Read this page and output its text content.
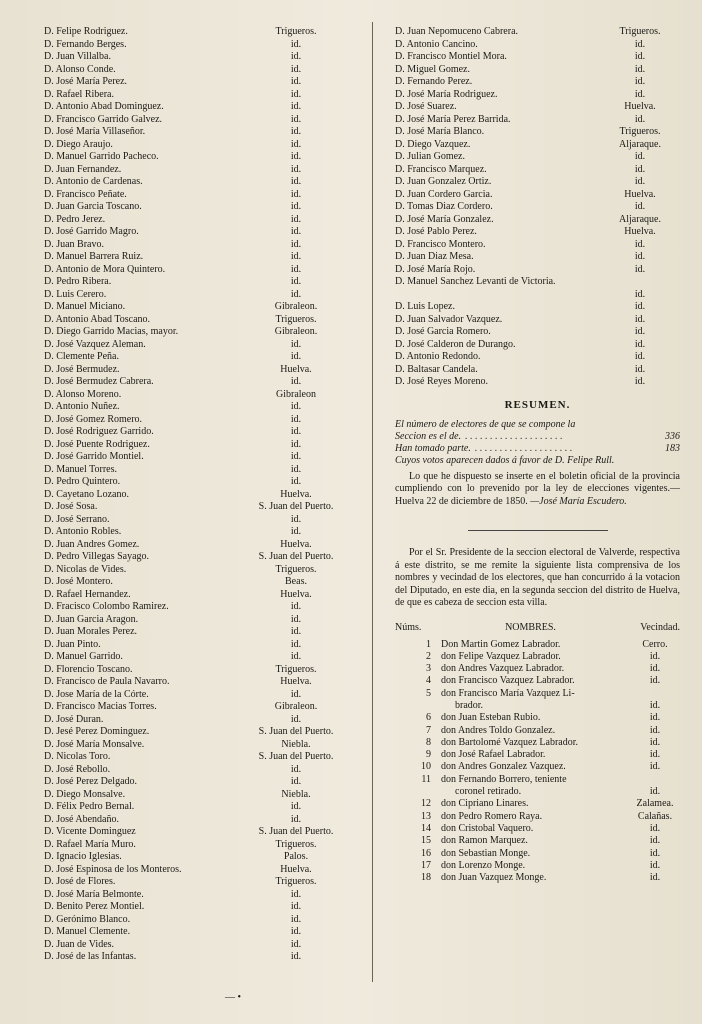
D. Felipe Rodriguez.	Trigueros.
D. Fernando Berges.	id.
D. Juan Villalba.	id.
D. Alonso Conde.	id.
D. José María Perez.	id.
D. Rafael Ribera.	id.
D. Antonio Abad Dominguez.	id.
D. Francisco Garrido Galvez.	id.
D. José María Villaseñor.	id.
D. Diego Araujo.	id.
D. Manuel Garrido Pacheco.	id.
D. Juan Fernandez.	id.
D. Antonio de Cardenas.	id.
D. Francisco Peñate.	id.
D. Juan Garcia Toscano.	id.
D. Pedro Jerez.	id.
D. José Garrido Magro.	id.
D. Juan Bravo.	id.
D. Manuel Barrera Ruiz.	id.
D. Antonio de Mora Quintero.	id.
D. Pedro Ribera.	id.
D. Luis Cerero.	id.
D. Manuel Miciano.	Gibraleon.
D. Antonio Abad Toscano.	Trigueros.
D. Diego Garrido Macias, mayor.	Gibraleon.
D. José Vazquez Aleman.	id.
D. Clemente Peña.	id.
D. José Bermudez.	Huelva.
D. José Bermudez Cabrera.	id.
D. Alonso Moreno.	Gibraleon
D. Antonio Nuñez.	id.
D. José Gomez Romero.	id.
D. José Rodriguez Garrido.	id.
D. José Puente Rodriguez.	id.
D. José Garrido Montiel.	id.
D. Manuel Torres.	id.
D. Pedro Quintero.	id.
D. Cayetano Lozano.	Huelva.
D. José Sosa.	S. Juan del Puerto.
D. José Serrano.	id.
D. Antonio Robles.	id.
D. Juan Andres Gomez.	Huelva.
D. Pedro Villegas Sayago.	S. Juan del Puerto.
D. Nicolas de Vides.	Trigueros.
D. José Montero.	Beas.
D. Rafael Hernandez.	Huelva.
D. Fracisco Colombo Ramirez.	id.
D. Juan Garcia Aragon.	id.
D. Juan Morales Perez.	id.
D. Juan Pinto.	id.
D. Manuel Garrido.	id.
D. Florencio Toscano.	Trigueros.
D. Francisco de Paula Navarro.	Huelva.
D. Jose María de la Córte.	id.
D. Francisco Macias Torres.	Gibraleon.
D. José Duran.	id.
D. Jesé Perez Dominguez.	S. Juan del Puerto.
D. José María Monsalve.	Niebla.
D. Nicolas Toro.	S. Juan del Puerto.
D. José Rebollo.	id.
D. José Perez Delgado.	id.
D. Diego Monsalve.	Niebla.
D. Félix Pedro Bernal.	id.
D. José Abendaño.	id.
D. Vicente Dominguez	S. Juan del Puerto.
D. Rafael María Muro.	Trigueros.
D. Ignacio Iglesias.	Palos.
D. José Espinosa de los Monteros.	Huelva.
D. José de Flores.	Trigueros.
D. José María Belmonte.	id.
D. Benito Perez Montiel.	id.
D. Gerónimo Blanco.	id.
D. Manuel Clemente.	id.
D. Juan de Vides.	id.
D. José de las Infantas.	id.
D. Juan Nepomuceno Cabrera.	Trigueros.
D. Antonio Cancino.	id.
D. Francisco Montiel Mora.	id.
D. Miguel Gomez.	id.
D. Fernando Perez.	id.
D. José María Rodriguez.	id.
D. José Suarez.	Huelva.
D. José María Perez Barrida.	id.
D. José María Blanco.	Trigueros.
D. Diego Vazquez.	Aljaraque.
D. Julian Gomez.	id.
D. Francisco Marquez.	id.
D. Juan Gonzalez Ortiz.	id.
D. Juan Cordero Garcia.	Huelva.
D. Tomas Diaz Cordero.	id.
D. José María Gonzalez.	Aljaraque.
D. José Pablo Perez.	Huelva.
D. Francisco Montero.	id.
D. Juan Diaz Mesa.	id.
D. José María Rojo.	id.
D. Manuel Sanchez Levanti de Victoria.
id.
D. Luis Lopez.	id.
D. Juan Salvador Vazquez.	id.
D. José Garcia Romero.	id.
D. José Calderon de Durango.	id.
D. Antonio Redondo.	id.
D. Baltasar Candela.	id.
D. José Reyes Moreno.	id.
RESUMEN.
El número de electores de que se compone la
Seccion es el de. . . . . . . . . . . . . . . . . . . . .	336
Han tomado parte. . . . . . . . . . . . . . . . . . . . .	183
Cuyos votos aparecen dados á favor de D. Felipe Rull.
Lo que he dispuesto se inserte en el boletin oficial de la provincia cumpliendo con lo prevenido por la ley de elecciones vigentes.—Huelva 22 de diciembre de 1850. —José María Escudero.
Por el Sr. Presidente de la seccion electoral de Valverde, respectiva á este distrito, se me remite la siguiente lista comprensiva de los nombres y vecindad de los electores, que han concurrido á la votacion del Diputado, en este dia, en la segunda seccion del distrito de Huelva, de que es cabeza de seccion esta villa.
Núms.	NOMBRES.	Vecindad.
1	Don Martin Gomez Labrador.	Cerro.
2	don Felipe Vazquez Labrador.	id.
3	don Andres Vazquez Labrador.	id.
4	don Francisco Vazquez Labrador.	id.
5	don Francisco María Vazquez Li-
brador.	id.
6	don Juan Esteban Rubio.	id.
7	don Andres Toldo Gonzalez.	id.
8	don Bartolomé Vazquez Labrador.	id.
9	don José Rafael Labrador.	id.
10	don Andres Gonzalez Vazquez.	id.
11	don Fernando Borrero, teniente
coronel retirado.	id.
12	don Cipriano Linares.	Zalamea.
13	don Pedro Romero Raya.	Calañas.
14	don Cristobal Vaquero.	id.
15	don Ramon Marquez.	id.
16	don Sebastian Monge.	id.
17	don Lorenzo Monge.	id.
18	don Juan Vazquez Monge.	id.
— •
